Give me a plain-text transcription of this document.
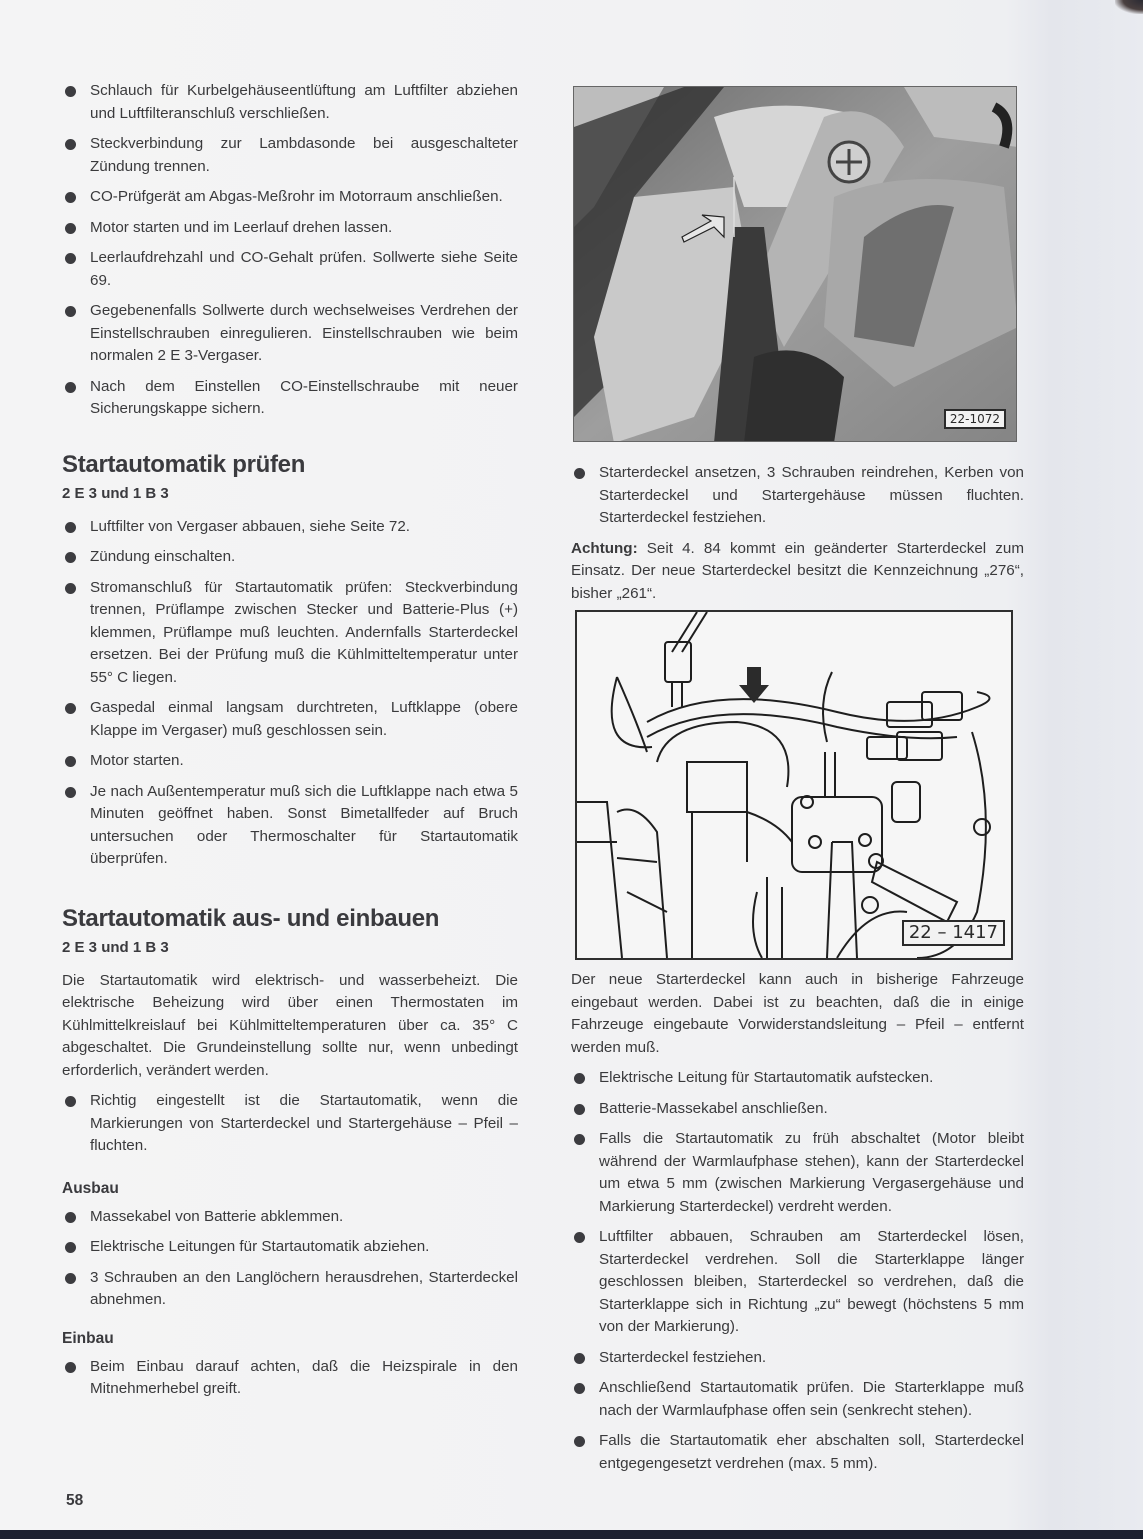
Schlauch für Kurbelgehäuseentlüftung am Luftfilter abziehen und Luftfilteranschluß verschließen.
Steckverbindung zur Lambdasonde bei ausgeschalteter Zündung trennen.
CO-Prüfgerät am Abgas-Meßrohr im Motorraum anschließen.
Motor starten und im Leerlauf drehen lassen.
Leerlaufdrehzahl und CO-Gehalt prüfen. Sollwerte siehe Seite 69.
Gegebenenfalls Sollwerte durch wechselweises Verdrehen der Einstellschrauben einregulieren. Einstellschrauben wie beim normalen 2 E 3-Vergaser.
Nach dem Einstellen CO-Einstellschraube mit neuer Sicherungskappe sichern.
Startautomatik prüfen
2 E 3 und 1 B 3
Luftfilter von Vergaser abbauen, siehe Seite 72.
Zündung einschalten.
Stromanschluß für Startautomatik prüfen: Steckverbindung trennen, Prüflampe zwischen Stecker und Batterie-Plus (+) klemmen, Prüflampe muß leuchten. Andernfalls Starterdeckel ersetzen. Bei der Prüfung muß die Kühlmitteltemperatur unter 55° C liegen.
Gaspedal einmal langsam durchtreten, Luftklappe (obere Klappe im Vergaser) muß geschlossen sein.
Motor starten.
Je nach Außentemperatur muß sich die Luftklappe nach etwa 5 Minuten geöffnet haben. Sonst Bimetallfeder auf Bruch untersuchen oder Thermoschalter für Startautomatik überprüfen.
Startautomatik aus- und einbauen
2 E 3 und 1 B 3
Die Startautomatik wird elektrisch- und wasserbeheizt. Die elektrische Beheizung wird über einen Thermostaten im Kühlmittelkreislauf bei Kühlmitteltemperaturen über ca. 35° C abgeschaltet. Die Grundeinstellung sollte nur, wenn unbedingt erforderlich, verändert werden.
Richtig eingestellt ist die Startautomatik, wenn die Markierungen von Starterdeckel und Startergehäuse – Pfeil – fluchten.
Ausbau
Massekabel von Batterie abklemmen.
Elektrische Leitungen für Startautomatik abziehen.
3 Schrauben an den Langlöchern herausdrehen, Starterdeckel abnehmen.
Einbau
Beim Einbau darauf achten, daß die Heizspirale in den Mitnehmerhebel greift.
58
22-1072
Starterdeckel ansetzen, 3 Schrauben reindrehen, Kerben von Starterdeckel und Startergehäuse müssen fluchten. Starterdeckel festziehen.
Achtung: Seit 4. 84 kommt ein geänderter Starterdeckel zum Einsatz. Der neue Starterdeckel besitzt die Kennzeichnung „276“, bisher „261“.
22 – 1417
Der neue Starterdeckel kann auch in bisherige Fahrzeuge eingebaut werden. Dabei ist zu beachten, daß die in einige Fahrzeuge eingebaute Vorwiderstandsleitung – Pfeil – entfernt werden muß.
Elektrische Leitung für Startautomatik aufstecken.
Batterie-Massekabel anschließen.
Falls die Startautomatik zu früh abschaltet (Motor bleibt während der Warmlaufphase stehen), kann der Starterdeckel um etwa 5 mm (zwischen Markierung Vergasergehäuse und Markierung Starterdeckel) verdreht werden.
Luftfilter abbauen, Schrauben am Starterdeckel lösen, Starterdeckel verdrehen. Soll die Starterklappe länger geschlossen bleiben, Starterdeckel so verdrehen, daß die Starterklappe sich in Richtung „zu“ bewegt (höchstens 5 mm von der Markierung).
Starterdeckel festziehen.
Anschließend Startautomatik prüfen. Die Starterklappe muß nach der Warmlaufphase offen sein (senkrecht stehen).
Falls die Startautomatik eher abschalten soll, Starterdeckel entgegengesetzt verdrehen (max. 5 mm).
